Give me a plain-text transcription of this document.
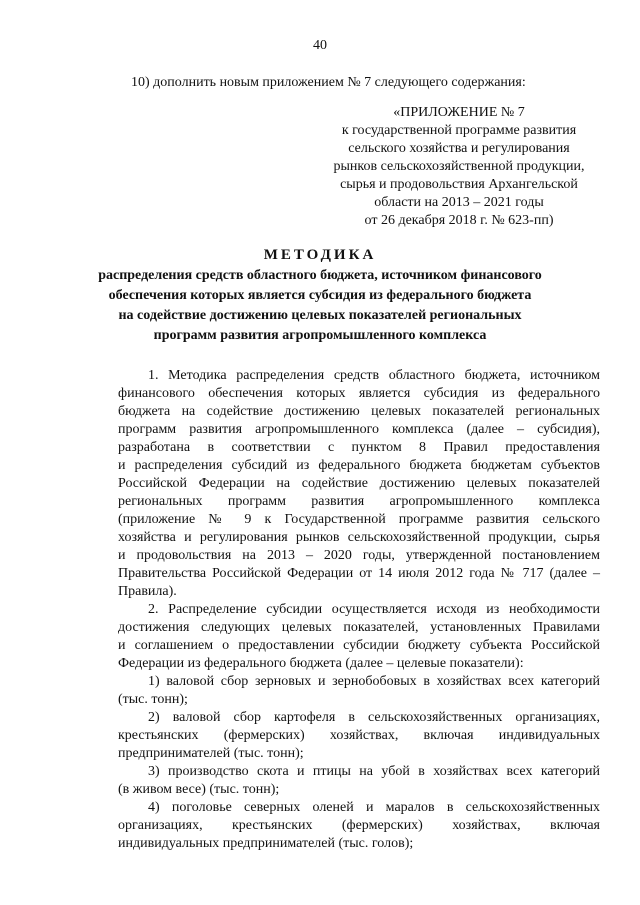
40
10) дополнить новым приложением № 7 следующего содержания:
«ПРИЛОЖЕНИЕ № 7
к государственной программе развития
сельского хозяйства и регулирования
рынков сельскохозяйственной продукции,
сырья и продовольствия Архангельской
области на 2013 – 2021 годы
от 26 декабря 2018 г. № 623-пп)
МЕТОДИКА
распределения средств областного бюджета, источником финансового
обеспечения которых является субсидия из федерального бюджета
на содействие достижению целевых показателей региональных
программ развития агропромышленного комплекса
1. Методика распределения средств областного бюджета, источником
финансового обеспечения которых является субсидия из федерального
бюджета на содействие достижению целевых показателей региональных
программ развития агропромышленного комплекса (далее – субсидия),
разработана в соответствии с пунктом 8 Правил предоставления
и распределения субсидий из федерального бюджета бюджетам субъектов
Российской Федерации на содействие достижению целевых показателей
региональных программ развития агропромышленного комплекса
(приложение № 9 к Государственной программе развития сельского
хозяйства и регулирования рынков сельскохозяйственной продукции, сырья
и продовольствия на 2013 – 2020 годы, утвержденной постановлением
Правительства Российской Федерации от 14 июля 2012 года № 717 (далее –
Правила).
2. Распределение субсидии осуществляется исходя из необходимости
достижения следующих целевых показателей, установленных Правилами
и соглашением о предоставлении субсидии бюджету субъекта Российской
Федерации из федерального бюджета (далее – целевые показатели):
1) валовой сбор зерновых и зернобобовых в хозяйствах всех категорий
(тыс. тонн);
2) валовой сбор картофеля в сельскохозяйственных организациях,
крестьянских (фермерских) хозяйствах, включая индивидуальных
предпринимателей (тыс. тонн);
3) производство скота и птицы на убой в хозяйствах всех категорий
(в живом весе) (тыс. тонн);
4) поголовье северных оленей и маралов в сельскохозяйственных
организациях, крестьянских (фермерских) хозяйствах, включая
индивидуальных предпринимателей (тыс. голов);
